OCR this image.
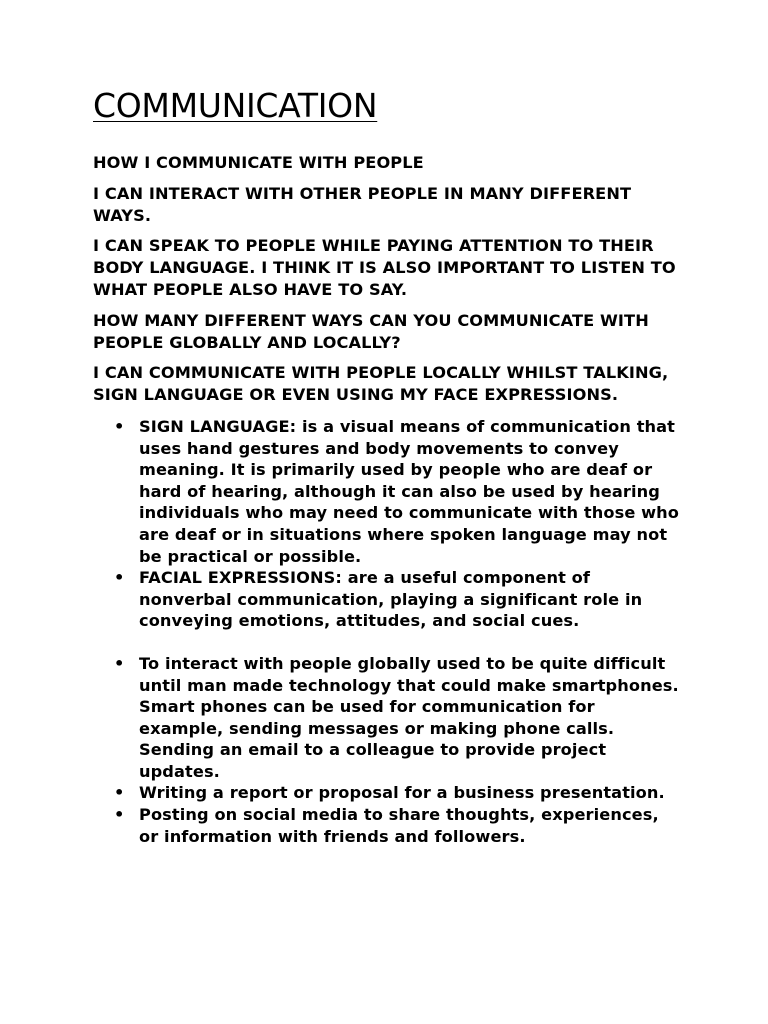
COMMUNICATION

HOW I COMMUNICATE WITH PEOPLE

I CAN INTERACT WITH OTHER PEOPLE IN MANY DIFFERENT WAYS.

I CAN SPEAK TO PEOPLE WHILE PAYING ATTENTION TO THEIR BODY LANGUAGE. I THINK IT IS ALSO IMPORTANT TO LISTEN TO WHAT PEOPLE ALSO HAVE TO SAY.

HOW MANY DIFFERENT WAYS CAN YOU COMMUNICATE WITH PEOPLE GLOBALLY AND LOCALLY?

I CAN COMMUNICATE WITH PEOPLE LOCALLY WHILST TALKING, SIGN LANGUAGE OR EVEN USING MY FACE EXPRESSIONS.

• SIGN LANGUAGE: is a visual means of communication that uses hand gestures and body movements to convey meaning. It is primarily used by people who are deaf or hard of hearing, although it can also be used by hearing individuals who may need to communicate with those who are deaf or in situations where spoken language may not be practical or possible.
• FACIAL EXPRESSIONS: are a useful component of nonverbal communication, playing a significant role in conveying emotions, attitudes, and social cues.
• To interact with people globally used to be quite difficult until man made technology that could make smartphones. Smart phones can be used for communication for example, sending messages or making phone calls. Sending an email to a colleague to provide project updates.
• Writing a report or proposal for a business presentation.
• Posting on social media to share thoughts, experiences, or information with friends and followers.
